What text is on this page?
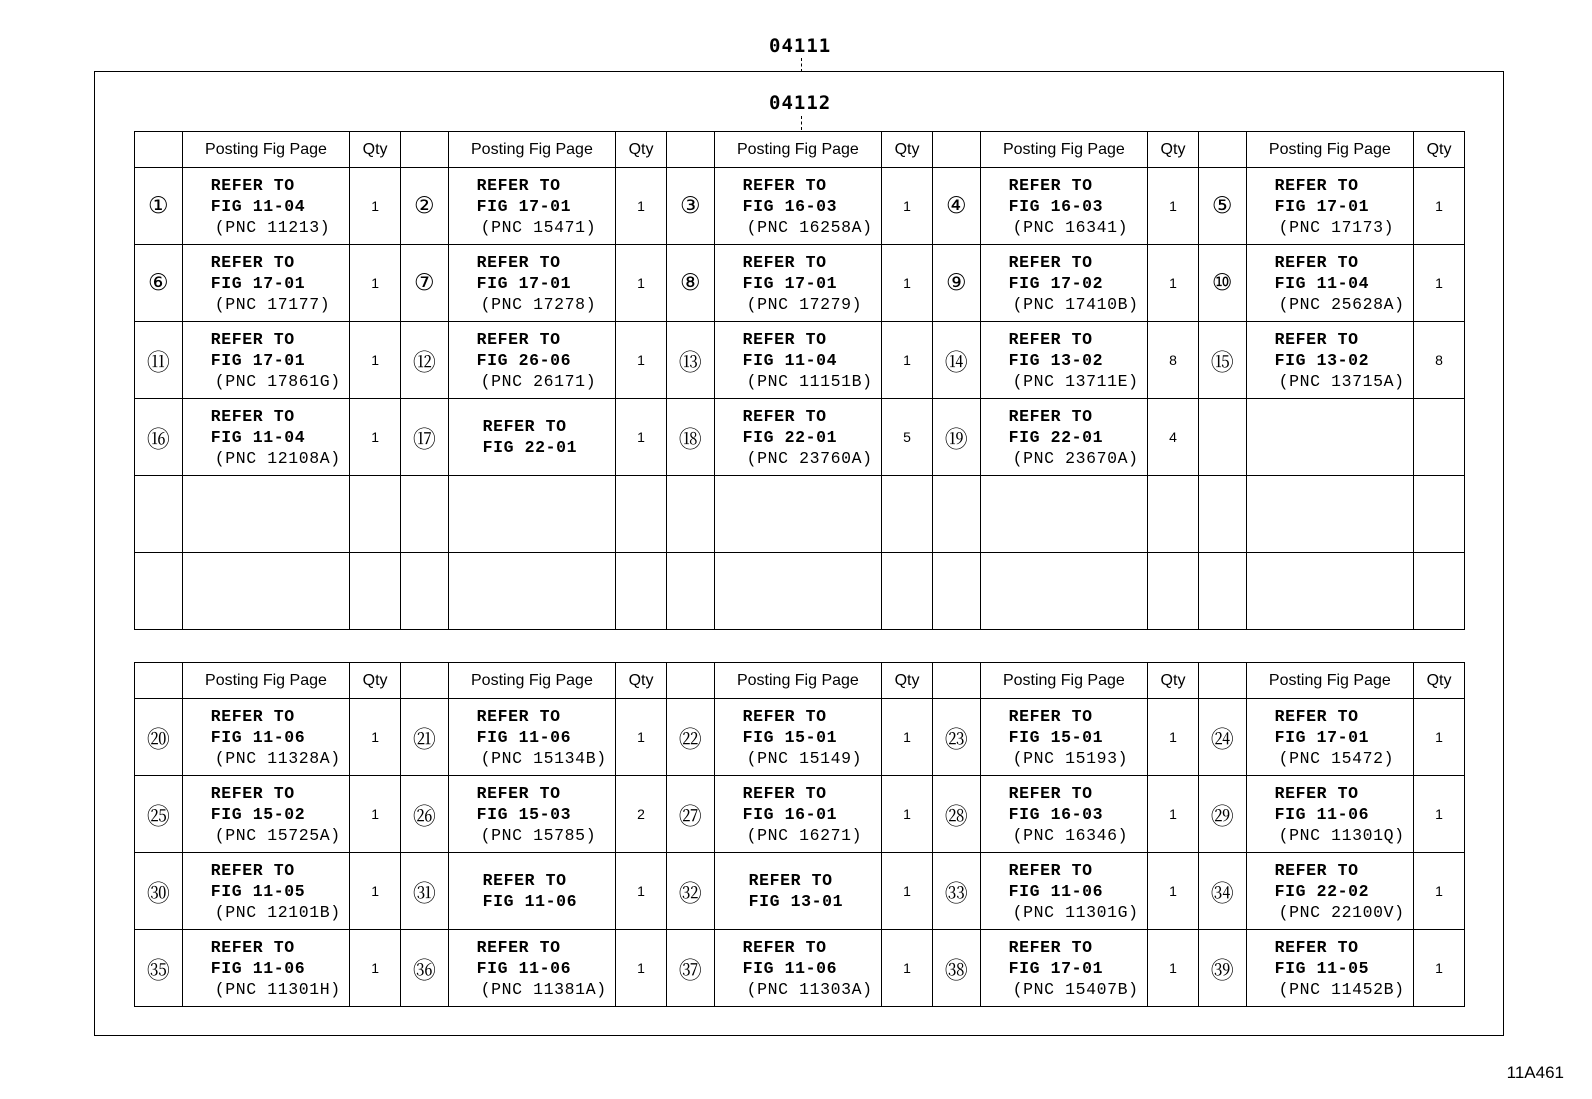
04111
04112
	Posting Fig Page	Qty		Posting Fig Page	Qty		Posting Fig Page	Qty		Posting Fig Page	Qty		Posting Fig Page	Qty
①	REFER TO
FIG 11-04
(PNC 11213)	1	②	REFER TO
FIG 17-01
(PNC 15471)	1	③	REFER TO
FIG 16-03
(PNC 16258A)	1	④	REFER TO
FIG 16-03
(PNC 16341)	1	⑤	REFER TO
FIG 17-01
(PNC 17173)	1
⑥	REFER TO
FIG 17-01
(PNC 17177)	1	⑦	REFER TO
FIG 17-01
(PNC 17278)	1	⑧	REFER TO
FIG 17-01
(PNC 17279)	1	⑨	REFER TO
FIG 17-02
(PNC 17410B)	1	⑩	REFER TO
FIG 11-04
(PNC 25628A)	1
⑪	REFER TO
FIG 17-01
(PNC 17861G)	1	⑫	REFER TO
FIG 26-06
(PNC 26171)	1	⑬	REFER TO
FIG 11-04
(PNC 11151B)	1	⑭	REFER TO
FIG 13-02
(PNC 13711E)	8	⑮	REFER TO
FIG 13-02
(PNC 13715A)	8
⑯	REFER TO
FIG 11-04
(PNC 12108A)	1	⑰	REFER TO
FIG 22-01	1	⑱	REFER TO
FIG 22-01
(PNC 23760A)	5	⑲	REFER TO
FIG 22-01
(PNC 23670A)	4			

	Posting Fig Page	Qty		Posting Fig Page	Qty		Posting Fig Page	Qty		Posting Fig Page	Qty		Posting Fig Page	Qty
⑳	REFER TO
FIG 11-06
(PNC 11328A)	1	㉑	REFER TO
FIG 11-06
(PNC 15134B)	1	㉒	REFER TO
FIG 15-01
(PNC 15149)	1	㉓	REFER TO
FIG 15-01
(PNC 15193)	1	㉔	REFER TO
FIG 17-01
(PNC 15472)	1
㉕	REFER TO
FIG 15-02
(PNC 15725A)	1	㉖	REFER TO
FIG 15-03
(PNC 15785)	2	㉗	REFER TO
FIG 16-01
(PNC 16271)	1	㉘	REFER TO
FIG 16-03
(PNC 16346)	1	㉙	REFER TO
FIG 11-06
(PNC 11301Q)	1
㉚	REFER TO
FIG 11-05
(PNC 12101B)	1	㉛	REFER TO
FIG 11-06	1	㉜	REFER TO
FIG 13-01	1	㉝	REFER TO
FIG 11-06
(PNC 11301G)	1	㉞	REFER TO
FIG 22-02
(PNC 22100V)	1
㉟	REFER TO
FIG 11-06
(PNC 11301H)	1	㊱	REFER TO
FIG 11-06
(PNC 11381A)	1	㊲	REFER TO
FIG 11-06
(PNC 11303A)	1	㊳	REFER TO
FIG 17-01
(PNC 15407B)	1	㊴	REFER TO
FIG 11-05
(PNC 11452B)	1
11A461
